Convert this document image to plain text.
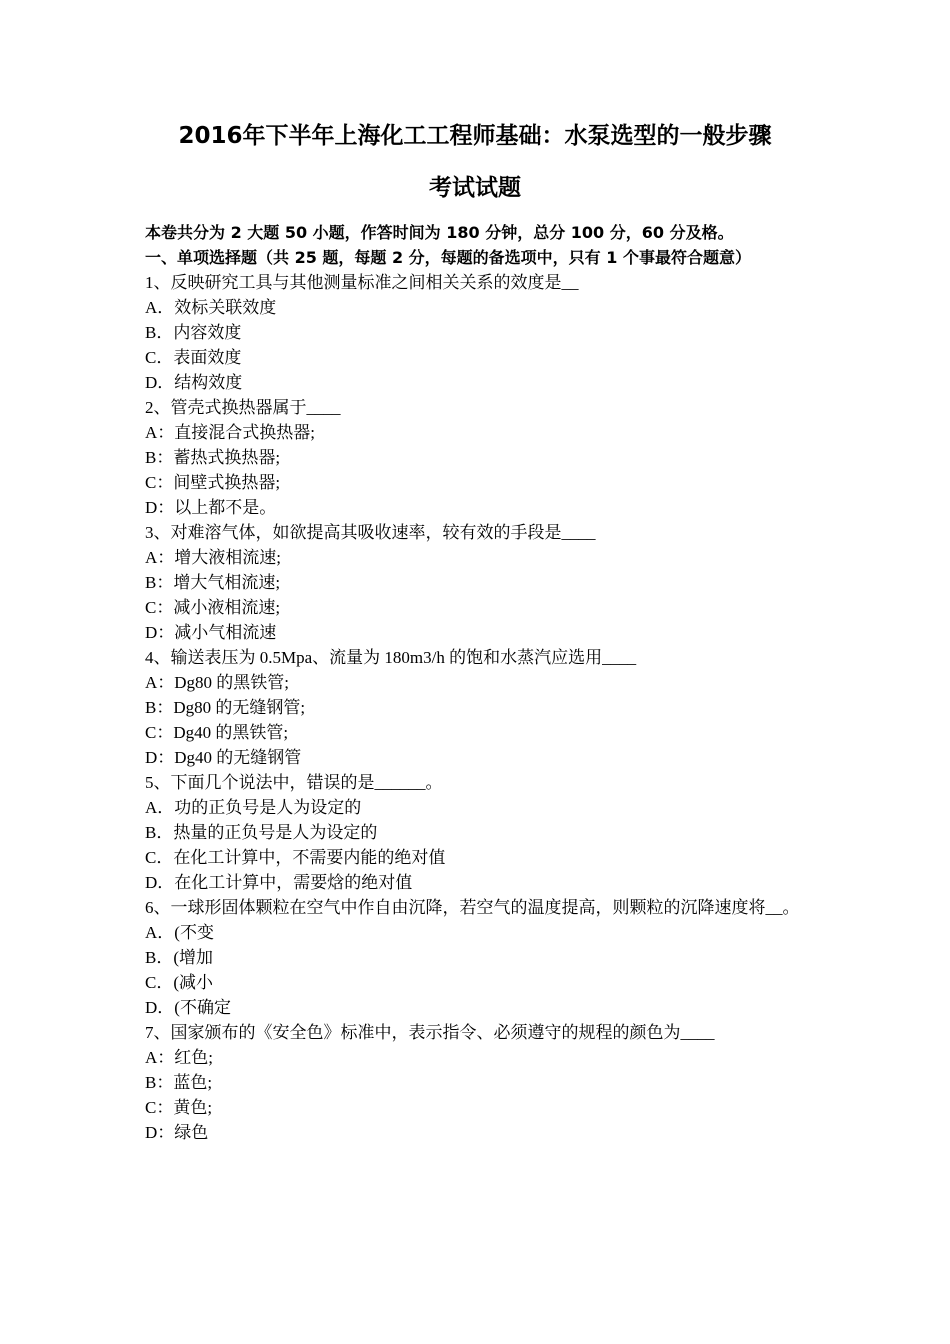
2016年下半年上海化工工程师基础：水泵选型的一般步骤
考试试题
本卷共分为 2 大题 50 小题，作答时间为 180 分钟，总分 100 分，60 分及格。
一、单项选择题（共 25 题，每题 2 分，每题的备选项中，只有 1 个事最符合题意）
1、反映研究工具与其他测量标准之间相关关系的效度是__
A．效标关联效度
B．内容效度
C．表面效度
D．结构效度
2、管壳式换热器属于____
A：直接混合式换热器;
B：蓄热式换热器;
C：间壁式换热器;
D：以上都不是。
3、对难溶气体，如欲提高其吸收速率，较有效的手段是____
A：增大液相流速;
B：增大气相流速;
C：减小液相流速;
D：减小气相流速
4、输送表压为 0.5Mpa、流量为 180m3/h 的饱和水蒸汽应选用____
A：Dg80 的黑铁管;
B：Dg80 的无缝钢管;
C：Dg40 的黑铁管;
D：Dg40 的无缝钢管
5、下面几个说法中，错误的是______。
A．功的正负号是人为设定的
B．热量的正负号是人为设定的
C．在化工计算中，不需要内能的绝对值
D．在化工计算中，需要焓的绝对值
6、一球形固体颗粒在空气中作自由沉降，若空气的温度提高，则颗粒的沉降速度将__。
A．(不变
B．(增加
C．(减小
D．(不确定
7、国家颁布的《安全色》标准中，表示指令、必须遵守的规程的颜色为____
A：红色;
B：蓝色;
C：黄色;
D：绿色
